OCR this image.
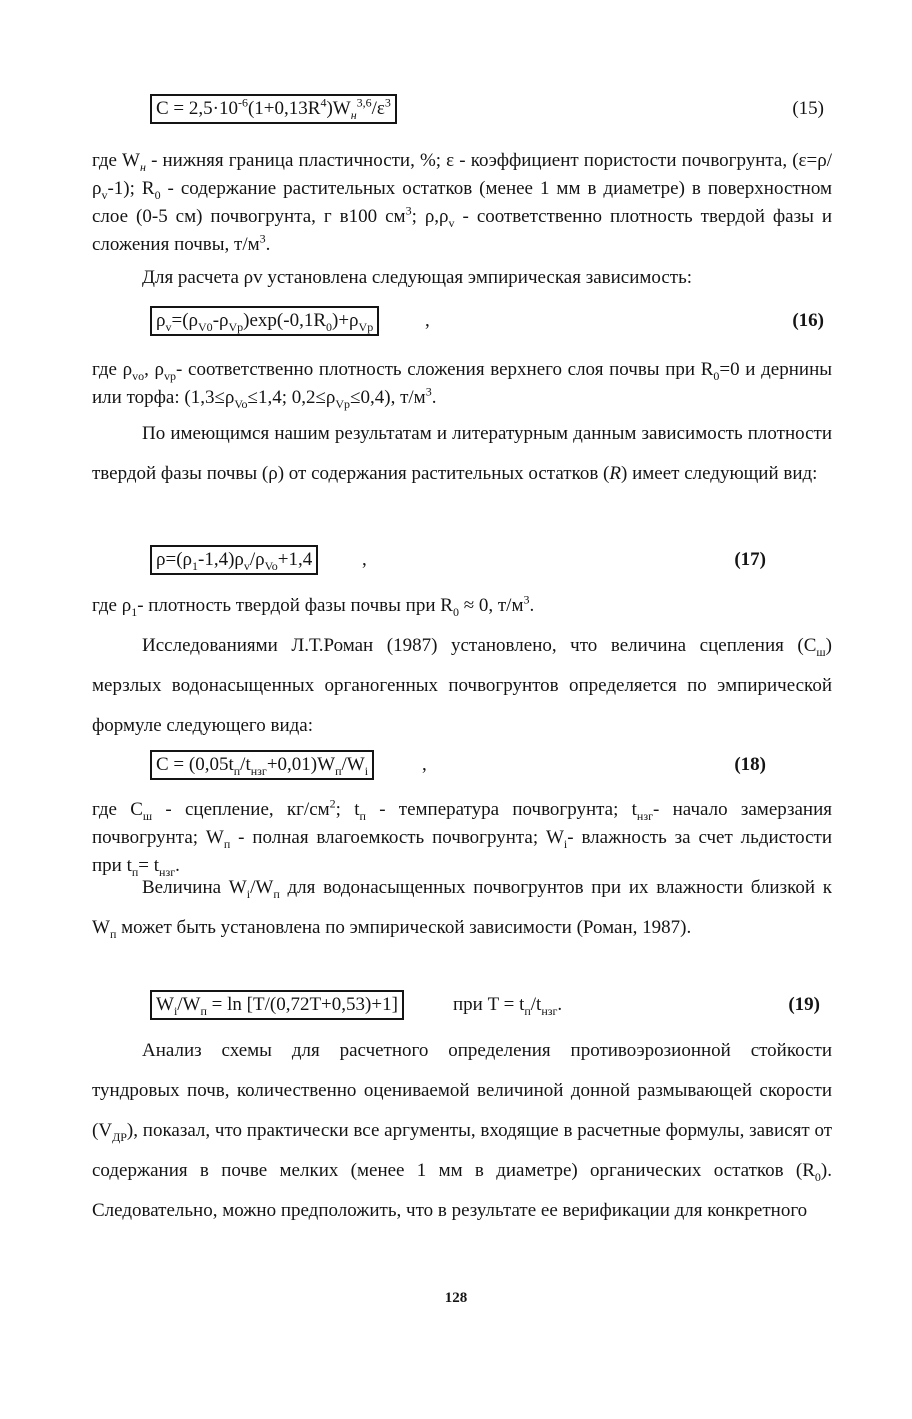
$C = 2,5\cdot 10^{-6}(1+0,13R^4)W_н^{3,6}/\varepsilon^3$	(15)
где $W_н$ - нижняя граница пластичности, %; ε - коэффициент пористости почвогрунта, $(\varepsilon=\rho/\rho_v-1)$; $R_0$ - содержание растительных остатков (менее 1 мм в диаметре) в поверхностном слое (0-5 см) почвогрунта, г в100 $см^3$; $\rho,\rho_v$ - соответственно плотность твердой фазы и сложения почвы, $т/м^3$.
Для расчета ρv установлена следующая эмпирическая зависимость:
$\rho_v=(\rho_{V0}-\rho_{Vp})\exp(-0,1R_0)+\rho_{Vp}$	,	(16)
где $\rho_{vo}$, $\rho_{vp}-$ соответственно плотность сложения верхнего слоя почвы при $R_0=0$ и дернины или торфа: ($1,3\le\rho_{Vo}\le 1,4$; $0,2\le\rho_{Vp}\le 0,4$), $т/м^3$.
По имеющимся нашим результатам и литературным данным зависимость плотности твердой фазы почвы (ρ) от содержания растительных остатков (R) имеет следующий вид:
$\rho=(\rho_1-1,4)\rho_v/\rho_{Vo}+1,4$	,	(17)
где $\rho_1-$ плотность твердой фазы почвы при $R_0 \approx 0$, $т/м^3$.
Исследованиями Л.Т.Роман (1987) установлено, что величина сцепления $(С_ш)$ мерзлых водонасыщенных органогенных почвогрунтов определяется по эмпирической формуле следующего вида:
$C = (0,05t_п/t_{нзг}+0,01)W_п/W_i$	,	(18)
где $C_ш$ - сцепление, $кг/см^2$; $t_п$ - температура почвогрунта; $t_{нзг}-$ начало замерзания почвогрунта; $W_п$ - полная влагоемкость почвогрунта; $W_i-$ влажность за счет льдистости при $t_п= t_{нзг}$.
Величина $W_i/W_п$ для водонасыщенных почвогрунтов при их влажности близкой к $W_п$ может быть установлена по эмпирической зависимости (Роман, 1987).
$W_i/W_п = \ln [T/(0,72T+0,53)+1]$	при $T = t_п/t_{нзг}$.	(19)
Анализ схемы для расчетного определения противоэрозионной стойкости тундровых почв, количественно оцениваемой величиной донной размывающей скорости $(V_{ДР})$, показал, что практически все аргументы, входящие в расчетные формулы, зависят от содержания в почве мелких (менее 1 мм в диаметре) органических остатков $(R_0)$. Следовательно, можно предположить, что в результате ее верификации для конкретного
128
